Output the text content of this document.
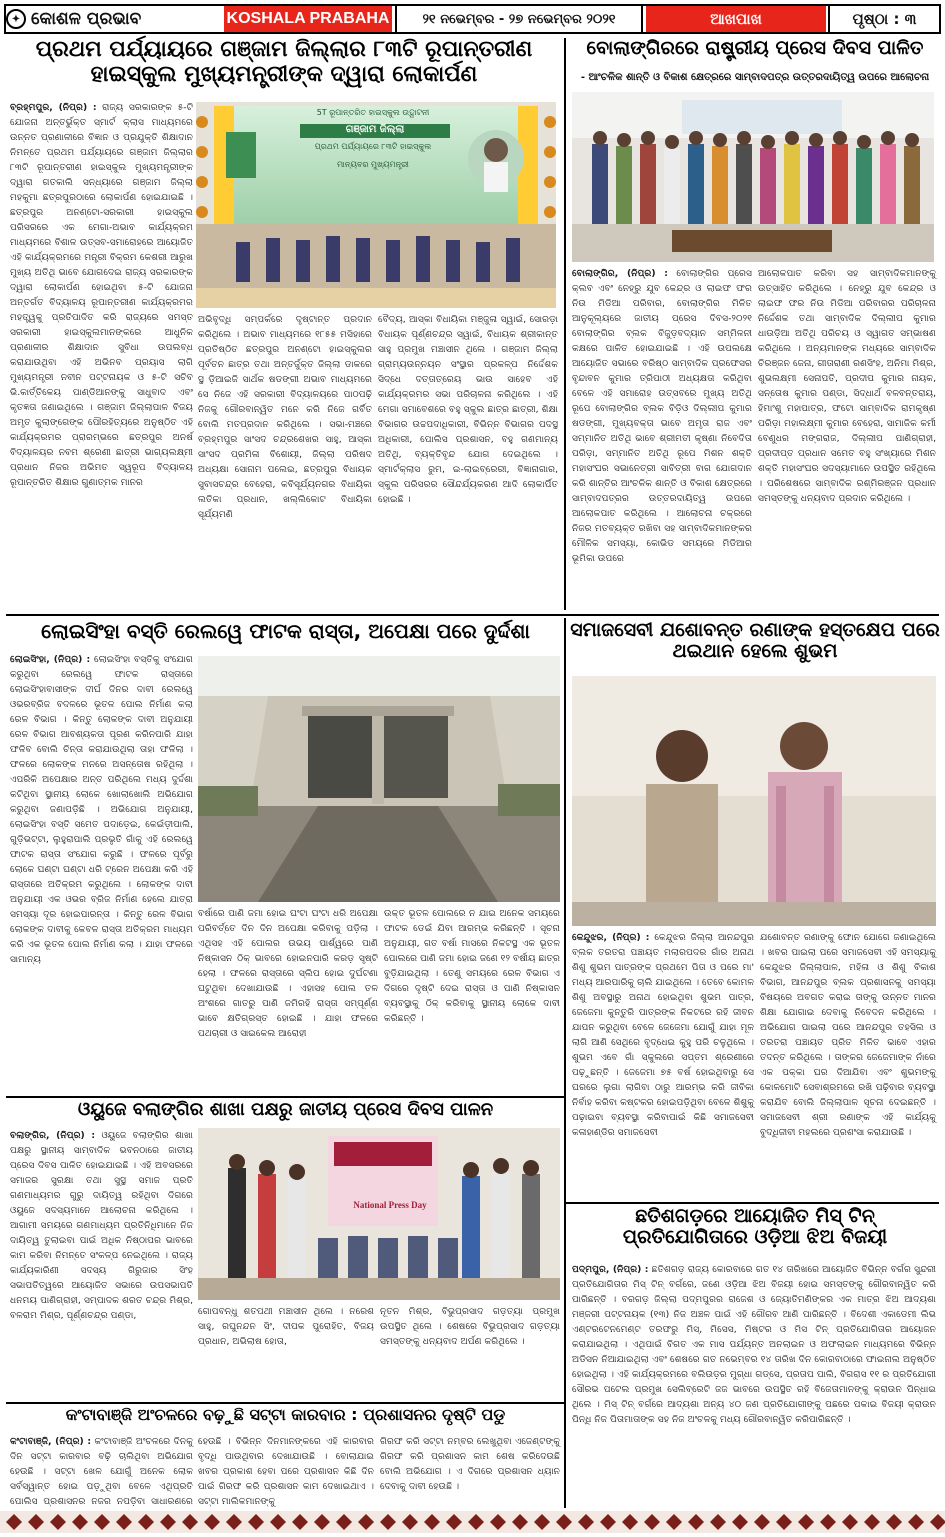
✦ କୋଶଳ ପ୍ରଭାବ	KOSHALA PRABAHA	୨୧ ନଭେମ୍ବର - ୨୭ ନଭେମ୍ବର ୨୦୨୧	ଆଖପାଖ	ପୃଷ୍ଠା : ୩
ପ୍ରଥମ ପର୍ଯ୍ୟାୟରେ ଗଞ୍ଜାମ ଜିଲ୍ଲାର ୮୩ଟି ରୂପାନ୍ତରୀଣ ହାଇସ୍କୁଲ ମୁଖ୍ୟମନ୍ତ୍ରୀଙ୍କ ଦ୍ୱାରା ଲୋକାର୍ପଣ
5T ରୂପାନ୍ତରିତ ହାଇସ୍କୁଲ ଉଦ୍ଘାଟନୀ
ଗଞ୍ଜାମ ଜିଲ୍ଲା
ପ୍ରଥମ ପର୍ଯ୍ୟାୟରେ ୮୩ଟି ହାଇସ୍କୁଲ
ମାନ୍ୟବର ମୁଖ୍ୟମନ୍ତ୍ରୀ
ବ୍ରହ୍ମପୁର, (ନିପ୍ର) : ରାଜ୍ୟ ସରକାରଙ୍କ ୫-ଟି ଯୋଜନା ଅନ୍ତର୍ଭୁକ୍ତ ସ୍ମାର୍ଟ କ୍ଲାସ ମାଧ୍ୟମରେ ଉନ୍ନତ ପ୍ରଣାଳୀରେ ବିଜ୍ଞାନ ଓ ପ୍ରଯୁକ୍ତି ଶିକ୍ଷାଦାନ ନିମନ୍ତେ ପ୍ରଥମ ପର୍ଯ୍ୟାୟରେ ଗଞ୍ଜାମ ଜିଲ୍ଲାର ୮୩ଟି ରୂପାନ୍ତରୀଣ ହାଇସ୍କୁଲ ମୁଖ୍ୟମନ୍ତ୍ରୀଙ୍କ ଦ୍ୱାରା ଗତକାଲି ସନ୍ଧ୍ୟାରେ ଗଞ୍ଜାମ ଜିଲ୍ଲା ମହକୁମା ଛତ୍ରପୁରଠାରେ ଲୋକାର୍ପଣ ହୋଇଯାଇଛି । ଛତ୍ରପୁର ଅନଣ୍ଟୋ-ସରକାରୀ ହାଇସ୍କୁଲ ପରିସରରେ ଏକ ମେଗା-ଅଭାବ କାର୍ଯ୍ୟକ୍ରମ ମାଧ୍ୟମରେ ବିଶାଳ ଉତ୍ସବ-ସମାରୋହରେ ଆୟୋଜିତ ଏହି କାର୍ଯ୍ୟକ୍ରମରେ ମନ୍ତ୍ରୀ ବିକ୍ରମ କେଶରୀ ଆରୁଖ ମୁଖ୍ୟ ଅତିଥି ଭାବେ ଯୋଗଦେଇ ରାଜ୍ୟ ସରକାରଙ୍କ ଦ୍ୱାରା ଲୋକାର୍ପଣ ହୋଇଥିବା ୫-ଟି ଯୋଜନା ଅନ୍ତର୍ଗତ ବିଦ୍ୟାଳୟ ରୂପାନ୍ତରୀଣ କାର୍ଯ୍ୟକ୍ରମର ମହତ୍ତ୍ୱକୁ ପ୍ରତିପାଦିତ କରି ରାଜ୍ୟରେ ସମସ୍ତ ସରକାରୀ ହାଇସ୍କୁଲମାନଙ୍କରେ ଆଧୁନିକ ପ୍ରଣାଳୀର ଶିକ୍ଷାଦାନ ସୁବିଧା ଉପଲବ୍ଧ କରାଯାଉଥିବା ଏହି ଅଭିନବ ପ୍ରୟାସ ଲାଗି ମୁଖ୍ୟମନ୍ତ୍ରୀ ନବୀନ ପଟ୍ଟନାୟକ ଓ ୫-ଟି ସଚିବ ଭି.କାର୍ତ୍ତିକେୟ ପାଣ୍ଡିଆନଙ୍କୁ ସାଧୁବାଦ ଏବଂ କୃତଜ୍ଞତା ଜଣାଇଥିଲେ । ଗଞ୍ଜାମ ଜିଲ୍ଲାପାଳ ବିଜୟ ଅମୃତ କୁଲାଙ୍ଗେଙ୍କ ପୌରହିତ୍ୟରେ ଅନୁଷ୍ଠିତ ଏହି କାର୍ଯ୍ୟକ୍ରମର ପ୍ରାରମ୍ଭରେ ଛତ୍ରପୁର ଅନର୍ଷ ବିଦ୍ୟାଳୟର ନବମ ଶ୍ରେଣୀ ଛାତ୍ରୀ ଭାଗ୍ୟଲକ୍ଷ୍ମୀ ପ୍ରଧାନ ନିଜର ଅଭିମତ ସ୍ୱରୂପ ବିଦ୍ୟାଳୟ ରୂପାନ୍ତରିତ ଶିକ୍ଷାର ଗୁଣାତ୍ମକ ମାନର
ଅଭିବୃଦ୍ଧି ସମ୍ପର୍କରେ ଦୃଷ୍ଟାନ୍ତ ପ୍ରଦାନ କରିଥିଲେ । ଅଭାବ ମାଧ୍ୟମରେ ୧୮୫୫ ମସିହାରେ ପ୍ରତିଷ୍ଠିତ ଛତ୍ରପୁର ଅନଣ୍ଟୋ ହାଇସ୍କୁଲର ପୂର୍ବତନ ଛାତ୍ର ତଥା ଅନ୍ତର୍ଜୁକ୍ତ ଜିଲ୍ଲା ଡାକରେ ସ୍ଥ ଡ଼ିଆଇଜି ସାର୍ଥକ ଷଡଙ୍ଗୀ ଅଭାବ ମାଧ୍ୟମରେ ସେ ନିଜେ ଏହି ସରକାରୀ ବିଦ୍ୟାଳୟରେ ପାଠପଢ଼ି ନିଜକୁ ଗୌରବାନ୍ୱିତ ମନେ କରି ନିଜେ ଗର୍ବିତ ବୋଲି ମତପ୍ରଦାନ କରିଥିଲେ । ସଭା-ମଞ୍ଚରେ ବ୍ରହ୍ମପୁର ସାଂସଦ ଚନ୍ଦ୍ରଶେଖର ସାହୁ, ଆସ୍କା ସାଂସଦ ପ୍ରମିଳା ବିଶୋୟୀ, ଜିଲ୍ଲା ପରିଷଦ ଅଧ୍ୟକ୍ଷା ସୋନାମ ପଲେଇ, ଛତ୍ରପୁର ବିଧାୟକ ସୁବାସଚନ୍ଦ୍ର ବେହେରା, କବିସୂର୍ଯ୍ୟନଗର ବିଧାୟିକା ଲତିକା ପ୍ରଧାନ, ଖଲ୍ଲିକୋଟ ବିଧାୟିକା ସୂର୍ଯ୍ୟମଣି
ବୈଦ୍ୟ, ଆସ୍କା ବିଧାୟିକା ମଞ୍ଜୁଳା ସ୍ୱାଇଁ, ସୋରଡ଼ା ବିଧାୟକ ପୂର୍ଣ୍ଣଚନ୍ଦ୍ର ସ୍ୱାଇଁ, ବିଧାୟକ ଶ୍ରୀକାନ୍ତ ସାହୁ ପ୍ରମୁଖ ମଞ୍ଚାସୀନ ଥିଲେ । ଗଞ୍ଜାମ ଜିଲ୍ଲା ଗ୍ରାମ୍ୟଉନ୍ନୟନ ସଂସ୍ଥାର ପ୍ରକଳ୍ପ ନିର୍ଦ୍ଦେଶକ ସିଦ୍ଧେ ଦତ୍ତାତ୍ରେୟ ଭାଉ ସାହେବ ଏହି କାର୍ଯ୍ୟକ୍ରମର ସଭା ପରିଚାଳନା କରିଥିଲେ । ଏହି ମେଗା ସମାବେଶରେ ବହୁ ସ୍କୁଲ ଛାତ୍ର ଛାତ୍ରୀ, ଶିକ୍ଷା ବିଭାଗର ଉଚ୍ଚପଦାଧିକାରୀ, ବିଭିନ୍ନ ବିଭାଗର ପଦସ୍ଥ ଅଧିକାରୀ, ପୋଲିସ ପ୍ରଶାସନ, ବହୁ ଗଣମାନ୍ୟ ଅତିଥି, ବ୍ୟକ୍ତିବୃନ୍ଦ ଯୋଗ ଦେଇଥିଲେ । ସ୍ମାର୍ଟକ୍ଲାସ ରୁମ, ଇ-ଲାଇବ୍ରେରୀ, ବିଜ୍ଞାନାଗାର, ସ୍କୁଲ ପରିସରର ସୌନ୍ଦର୍ଯ୍ୟକରଣ ଆଦି ଲୋକାର୍ପିତ ହୋଇଛି ।
ବୋଲାଙ୍ଗିରରେ ରାଷ୍ଟ୍ରୀୟ ପ୍ରେସ ଦିବସ ପାଳିତ
- ଆଂଚଳିକ ଶାନ୍ତି ଓ ବିକାଶ କ୍ଷେତ୍ରରେ ସାମ୍ବାଦପତ୍ର ଉତ୍ତରଦାୟିତ୍ୱ ଉପରେ ଆଲୋଚନା
ବୋଲାଙ୍ଗିର, (ନିପ୍ର) : ବୋଲାଙ୍ଗିର ପ୍ରେସ କ୍ଲବ ଏବଂ ନେହ୍ରୁ ଯୁବ କେନ୍ଦ୍ର ଓ ଲାଇଫ ଫର ନିଉ ମିଡିଆ ପରିବାର, ବୋଲାଙ୍ଗିର ମିଳିତ ଆନୁକୂଲ୍ୟରେ ଜାତୀୟ ପ୍ରେସ ଦିବସ-୨୦୨୧ ବୋଲାଙ୍ଗିର ବ୍ଲକ ବିଜୁଡ଼ବଦ୍ୟାନ ସମ୍ମିଳନୀ କକ୍ଷରେ ପାଳିତ ହୋଇଯାଇଛି । ଏହି ଉପଲକ୍ଷେ ଆୟୋଜିତ ସଭାରେ ବରିଷ୍ଠ ସାମ୍ବାଦିକ ପ୍ରଫେସର ବୃନ୍ଦାବନ କୁମାର ତ୍ରିପାଠୀ ଅଧ୍ୟକ୍ଷତା କରିଥିବା ବେଳେ ଏହି ସମାରୋହ ଉତ୍ସବରେ ମୁଖ୍ୟ ଅତିଥି ରୂପେ ବୋଲାଙ୍ଗିର ବ୍ଲକ ବିଡ଼ିଓ ଦିଲ୍ଲୀପ କୁମାର ଷଡଙ୍ଗୀ, ମୁଖ୍ୟବକ୍ତା ଭାବେ ଅମୃତା ରାଜ ଏବଂ ସମ୍ମାନିତ ଅତିଥି ଭାବେ ଶ୍ରୀମତୀ କୃଷ୍ଣା ନିବେଦିତା ପରିଡ଼ା, ସମ୍ମାନିତ ଅତିଥି ରୂପେ ମିଶନ ଶକ୍ତି ମହାସଂଘର ସଭାନେତ୍ରୀ ସାବିତ୍ରୀ ବାଗ ଯୋଗଦାନ କରି ଶାନ୍ତିର ଆଂଚଳିକ ଶାନ୍ତି ଓ ବିକାଶ କ୍ଷେତ୍ରରେ ସାମ୍ବାଦପତ୍ରର ଉତ୍ତରଦାୟିତ୍ୱ ଉପରେ ଆଲୋକପାତ କରିଥିଲେ । ଆଲୋଚନା ଚକ୍ରରେ ନିଜର ମତବ୍ୟକ୍ତ ରଖିବା ସହ ସାମ୍ବାଦିକମାନଙ୍କର ମୌଳିକ ସମସ୍ୟା, କୋଭିଡ ସମୟରେ ମିଡିଆର ଭୂମିକା ଉପରେ
ଆଲୋକପାତ କରିବା ସହ ସାମ୍ବାଦିକମାନଙ୍କୁ ଉତ୍ସାହିତ କରିଥିଲେ । ନେହ୍ରୁ ଯୁବ କେନ୍ଦ୍ର ଓ ଲାଇଫ ଫର ନିଉ ମିଡିଆ ପରିବାରର ପରିଚାଳନା ନିର୍ଦ୍ଦେଶକ ତଥା ସାମ୍ବାଦିକ ଦିଲ୍ଲୀପ କୁମାର ଧାଉଡ଼ିଆ ଅତିଥି ପରିଚୟ ଓ ସ୍ୱାଗତ ସମ୍ଭାଷଣ କରିଥିଲେ । ଅନ୍ୟମାନଙ୍କ ମଧ୍ୟରେ ସାମ୍ବାଦିକ ଚିରଞ୍ଜନ ଜେନା, ଗୀତାରାଣୀ ରଣସିଂହ, ଅନିମା ମିଶ୍ର, ଶୁଭଲକ୍ଷ୍ମୀ ସେନାପତି, ପ୍ରଦୀପ କୁମାର ନାୟକ, ସନ୍ତୋଷ କୁମାର ପଣ୍ଡା, ସିଦ୍ଧାର୍ଥ ବଳବନ୍ତରାୟ, ହିମାଂଶୁ ମହାପାତ୍ର, ଫଟୋ ସାମ୍ବାଦିକ ରାମକୃଷ୍ଣ ପରିଡ଼ା ମହାଲକ୍ଷ୍ମୀ କୁମାର ବେହେରା, ସାମାଜିକ କର୍ମୀ ବେଣୁଧର ମଙ୍ଗରାଜ, ଦିଲ୍ଲୀପ ପାଣିଗ୍ରାହୀ, ପ୍ରଦୀପ୍ତ ପ୍ରଧାନ ସମେତ ବହୁ ସଂଖ୍ୟାରେ ମିଶନ ଶକ୍ତି ମହାସଂଘର ସଦସ୍ୟାମାନେ ଉପସ୍ଥିତ ରହିଥିଲେ । ପରିଶେଷରେ ସାମ୍ବାଦିକ ରଶ୍ମିରଞ୍ଜନ ପ୍ରଧାନ ସମସ୍ତଙ୍କୁ ଧନ୍ୟବାଦ ପ୍ରଦାନ କରିଥିଲେ ।
ଲୋଇସିଂହା ବସ୍ତି ରେଲୱେ ଫାଟକ ରାସ୍ତା, ଅପେକ୍ଷା ପରେ ଦୁର୍ଦ୍ଦଶା
ଲୋଇସିଂହା, (ନିପ୍ର) : ଲୋଇସିଂହା ବସ୍ତିକୁ ସଂଯୋଗ କରୁଥିବା ରେଲୱେ ଫାଟକ ରାସ୍ତାରେ ଲୋଇସିଂହାବାସୀଙ୍କ ଦୀର୍ଘ ଦିନର ଦାବୀ ରେଲୱେ ଓଭରବ୍ରିଜ ବଦଳରେ ଭୂତଳ ପୋଲ ନିର୍ମାଣ କଲା ରେଳ ବିଭାଗ । କିନ୍ତୁ ଲୋକଙ୍କ ଦାବୀ ଅନୁଯାୟୀ ରେଳ ବିଭାଗ ଆବଶ୍ୟକତା ପୂରଣ କରିନପାରି ଯାହା ଫଳିବ ବୋଲି ଚିନ୍ତା କରାଯାଉଥିଲା ତାହା ଫଳିଲା । ଫଳରେ ଲୋକଙ୍କ ମନରେ ଅସନ୍ତୋଷ ରହିଥିଲା । ଏପରିକି ଅପେକ୍ଷାର ଅନ୍ତ ପରିଥିଲେ ମଧ୍ୟ ଦୁର୍ଦ୍ଦଶା କଟିଥିବା ସ୍ଥାନୀୟ ଲୋକେ ଖୋଲାଖୋଲି ଅଭିଯୋଗ କରୁଥିବା ଜଣାପଡ଼ିଛି । ଅଭିଯୋଗ ଅନୁଯାୟୀ, ଲୋଇସିଂହା ବସ୍ତି ସମେତ ପଦାଡ଼େଇ, କେଇଁଡ଼ୀପାଲି, ଗୁଡ଼ିଭଟ୍ଟା, ଲୁହୁରାପାଲି ପ୍ରଭୃତି ଗାଁକୁ ଏହି ରେଲୱେ ଫାଟକ ରାସ୍ତା ସଂଯୋଗ କରୁଛି । ଫଳରେ ପୂର୍ବରୁ ଲୋକେ ଘଣ୍ଟା ଘଣ୍ଟା ଧରି ଟ୍ରେନ ଅପେକ୍ଷା କରି ଏହି ରାସ୍ତାରେ ଅତିକ୍ରମ କରୁଥିଲେ । ଲୋକଙ୍କ ଦାବୀ ଅନୁଯାୟୀ ଏକ ଓଭର ବ୍ରିଜ ନିର୍ମାଣ ହେଲେ ଯାତ୍ରା ସମସ୍ୟା ଦୂର ହୋଇପାରନ୍ତା । କିନ୍ତୁ ରେଳ ବିଭାଗ ଲୋକଙ୍କ ଦାବୀକୁ କେବଳ ରାସ୍ତା ଅତିକ୍ରମ ମାଧ୍ୟମ କରି ଏକ ଭୂତଳ ପୋଲ ନିର୍ମାଣ କଲା । ଯାହା ଫଳରେ ସାମାନ୍ୟ
ବର୍ଷାରେ ପାଣି ଜମା ହୋଇ ଘଂଟା ଘଂଟା ଧରି ଅପେକ୍ଷା ପରିବର୍ତ୍ତେ ଦିନ ଦିନ ଅପେକ୍ଷା କରିବାକୁ ପଡ଼ିଲା । ଏଥିସହ ଏହି ପୋଲର ଉଭୟ ପାର୍ଶ୍ୱରେ ପାଣି ନିଷ୍କାସନ ଠିକ୍ ଭାବରେ ହୋଇନପାରି କରଡ଼ ସୃଷ୍ଟି ହେଲା । ଫଳରେ ରାସ୍ତାରେ ସ୍ଲିପ ହୋଇ ଦୁର୍ଘଟଣା ଘଟୁଥିବା ଦେଖାଯାଉଛି । ଏହାସହ ପୋଲ ତଳ ଅଂଶରେ ଗାତରୁ ପାଣି ଜମିରହି ରାସ୍ତା ସମ୍ପୂର୍ଣ୍ଣ ଭାବେ କ୍ଷତିଗ୍ରସ୍ତ ହୋଇଛି । ଯାହା ଫଳରେ ପଥଚାରୀ ଓ ସାଇକେଲ ଆରୋହୀ
ଉକ୍ତ ଭୂତଳ ପୋଲରେ ନ ଯାଇ ଅନେକ ସମୟରେ ଫାଟକ ଡେଇଁ ଯିବା ଆରମ୍ଭ କରିଛନ୍ତି । ସୂଚନା ଅନୁଯାୟୀ, ଗତ ବର୍ଷା ମାସରେ ନିକଟସ୍ଥ ଏକ ଭୂତଳ ପୋଲରେ ପାଣି ଜମା ହୋଇ ଜଣେ ୧୨ ବର୍ଷୀୟ ଛାତ୍ର ବୁଡ଼ିଯାଇଥିଲା । ତେଣୁ ସମୟରେ ରେଳ ବିଭାଗ ଏ ଦିଗରେ ଦୃଷ୍ଟି ଦେଇ ରାସ୍ତା ଓ ପାଣି ନିଷ୍କାସନ ବ୍ୟବସ୍ଥାକୁ ଠିକ୍ କରିବାକୁ ସ୍ଥାନୀୟ ଲୋକେ ଦାବୀ କରିଛନ୍ତି ।
ସମାଜସେବୀ ଯଶୋବନ୍ତ ରଣାଙ୍କ ହସ୍ତକ୍ଷେପ ପରେ ଥଇଥାନ ହେଲେ ଶୁଭମ
କେନ୍ଦୁଝର, (ନିପ୍ର) : କେନ୍ଦୁଝର ଜିଲ୍ଲା ଆନନ୍ଦପୁର ବ୍ଲକ ତରତରା ପଞ୍ଚାୟତ ମଲାରପଦର ଗାଁର ଅନାଥ ଶିଶୁ ଶୁଭମ ପାତ୍ରଙ୍କ ପ୍ରଥମେ ପିତା ଓ ପରେ ମା' ମଧ୍ୟ ଆରପାରିକୁ ଚାଲି ଯାଇଥିଲେ । ତେବେ କୋମଳ ଶିଶୁ ଅବସ୍ଥାରୁ ଅନାଥ ହୋଇଥିବା ଶୁଭମ ପାତ୍ର, ଜେଜେମା କୁନ୍ତୁରି ପାତ୍ରଙ୍କ ନିକଟରେ ରହି ଜୀବନ ଯାପନ କରୁଥିବା ବେଳେ ଜେଜେମା ଯୋଗୁଁ ଯାହା ମୂଳ ଲାଗି ଆଣି ସେଥିରେ ବୃଦ୍ଧେଇ କୁହୁ ପରି ଚଳୁଥିଲେ । ଶୁଭମ ଏବେ ଗାଁ ସ୍କୁଲରେ ସପ୍ତମ ଶ୍ରେଣୀରେ ପଢ଼ୁଛନ୍ତି । ଜେଜେମା ୭୫ ବର୍ଷ ହୋଇଥିବାରୁ ସେ ଘରରେ ଲୁଗା ଲାଗିବା ଠାରୁ ଆରମ୍ଭ କରି ଜୀବିକା ନିର୍ବାହ କରିବା କଷ୍ଟକର ହୋଇପଡ଼ିଥିବା ବେଳେ ଶିଶୁକୁ ପଢ଼ାଇବା ବ୍ୟବସ୍ଥା କରିବାପାଇଁ କିଛି ସମାଜସେବୀ କଳାହାଣ୍ଡିର ସମାଜସେବୀ
ଯଶୋବନ୍ତ ରଣାଙ୍କୁ ଫୋନ ଯୋଗେ ଜଣାଇଥିଲେ । ଖବର ପାଇଲା ପରେ ସମାଜସେବୀ ଏହି ସମସ୍ୟାକୁ କେନ୍ଦୁଝର ଜିଲ୍ଲାପାଳ, ମହିଳା ଓ ଶିଶୁ ବିକାଶ ବିଭାଗ, ଆନନ୍ଦପୁର ବ୍ଲକ ପ୍ରଶାସନକୁ ସମସ୍ୟା ବିଷୟରେ ଅବଗତ କରାଇ ତାଙ୍କୁ ଉନ୍ନତ ମାନର ଶିକ୍ଷା ଯୋଗାଇ ଦେବାକୁ ନିବେଦନ କରିଥିଲେ । ଅଭିଯୋଗ ପାଇଲା ପରେ ଆନନ୍ଦପୁର ତହସିଲ ଓ ତରତରା ପଞ୍ଚାୟତ ପ୍ରିତ ମିଳିତ ଭାବେ ଏହାର ତଦନ୍ତ କରିଥିଲେ । ତାଙ୍କର ଜେଜେମାଙ୍କ ନାଁରେ ଏକ ପକ୍କା ଘର ଦିଆଯିବା ଏବଂ ଶୁଭମଙ୍କୁ କୋଳମୋଟି ସେବାଶ୍ରମରେ ରଖି ପଢ଼ିବାର ବ୍ୟବସ୍ଥା କରାଯିବ ବୋଲି ଜିଲ୍ଲାପାଳ ସୂଚନା ଦେଇଛନ୍ତି । ସମାଜସେବୀ ଶ୍ରୀ ରଣାଙ୍କ ଏହି କାର୍ଯ୍ୟକୁ ବୁଦ୍ଧିଜୀବୀ ମହଲରେ ପ୍ରଶଂସା କରାଯାଉଛି ।
ଓୟୁଜେ ବଲାଙ୍ଗିର ଶାଖା ପକ୍ଷରୁ ଜାତୀୟ ପ୍ରେସ ଦିବସ ପାଳନ
National Press Day
ବଲାଙ୍ଗିର, (ନିପ୍ର) : ଓୟୁଜେ ବଲାଙ୍ଗିର ଶାଖା ପକ୍ଷରୁ ସ୍ଥାନୀୟ ସାମ୍ବାଦିକ ଭବନଠାରେ ଜାତୀୟ ପ୍ରେସ ଦିବସ ପାଳିତ ହୋଇଯାଇଛି । ଏହି ଅବସରରେ ସମାଜର ସୁରକ୍ଷା ତଥା ସୁସ୍ଥ ସମାଜ ପ୍ରତି ଗଣମାଧ୍ୟମର ଗୁରୁ ଦାୟିତ୍ୱ ରହିଥିବା ଦିଗରେ ଓୟୁଜେ ସଦସ୍ୟମାନେ ଆଲୋଚନା କରିଥିଲେ । ଆଗାମୀ ସମୟରେ ଗଣମାଧ୍ୟମ ପ୍ରତିନିଧିମାନେ ନିଜ ଦାୟିତ୍ୱ ତୁଲାଇବା ପାଇଁ ଅଧିକ ନିଷ୍ଠାପର ଭାବରେ କାମ କରିବା ନିମନ୍ତେ ସଂକଳ୍ପ ନେଇଥିଲେ । ରାଜ୍ୟ କାର୍ଯ୍ୟକାରିଣୀ ସଦସ୍ୟ ଗିରୁଜାର ସିଂହ ସଭାପତିତ୍ୱରେ ଆୟୋଜିତ ସଭାରେ ଉପସଭାପତି ଧନମୟ ପାଣିଗ୍ରାହୀ, ସମ୍ପାଦକ ଶରତ ଚନ୍ଦ୍ର ମିଶ୍ର, ବଳରାମ ମିଶ୍ର, ପୂର୍ଣ୍ଣଚନ୍ଦ୍ର ପଣ୍ଡା,	ଗୋପବନ୍ଧୁ ଶତପଥୀ ମଞ୍ଚାସୀନ ଥିଲେ । ନରେଶ ସାହୁ, ରଘୁନନ୍ଦନ ସିଂ, ଦୀପକ ପୁରୋହିତ, ବିଜୟ ପ୍ରଧାନ, ଅଭିଲାଷ ହୋତା,
ନୂତନ ମିଶ୍ର, ବିଭୁପ୍ରସାଦ ଗଡ଼ତ୍ୟା ପ୍ରମୁଖ ଉପସ୍ଥିତ ଥିଲେ । ଶେଷରେ ବିଭୁପ୍ରସାଦ ଗଡ଼ତ୍ୟା ସମସ୍ତଙ୍କୁ ଧନ୍ୟବାଦ ଅର୍ପଣ କରିଥିଲେ ।
ଛତିଶଗଡ଼ରେ ଆୟୋଜିତ ମିସ୍ ଟିନ୍ ପ୍ରତିଯୋଗିତାରେ ଓଡ଼ିଆ ଝିଅ ବିଜୟୀ
ପଦ୍ମପୁର, (ନିପ୍ର) : ଛତିଶଗଡ଼ ରାଜ୍ୟ କୋରବାରେ ଗତ ୧୪ ତାରିଖରେ ଆୟୋଜିତ ବିଭିନ୍ନ ବର୍ଗର ସୁନ୍ଦରୀ ପ୍ରତିଯୋଗିତାର ମିସ୍ ଟିନ୍ ବର୍ଗରେ, ଜଣେ ଓଡ଼ିଆ ଝିଅ ବିଜୟୀ ହୋଇ ସମସ୍ତଙ୍କୁ ଗୌରବାନ୍ୱିତ କରି ପାରିଛନ୍ତି । ବରଗଡ଼ ଜିଲ୍ଲା ପଦ୍ମପୁରର ରାଜେଶ ଓ ଜ୍ୟୋତିମଣିଙ୍କର ଏକ ମାତ୍ର ଝିଅ ଆଦ୍ୟଶା ମଞ୍ଜରୀ ପଟ୍ଟନାୟକ (୧୩) ନିଜ ଅଞ୍ଚଳ ପାଇଁ ଏହି ଗୌରବ ଆଣି ପାରିଛନ୍ତି । ବିଦେଶୀ ଏକାଡେମୀ ଲିଭ ଏଣ୍ଟରଟେନମେଣ୍ଟ ତରଫରୁ ମିସ୍, ମିସେସ, ମିଷ୍ଟର ଓ ମିସ ଟିନ୍ ପ୍ରତିଯୋଗିତାର ଆୟୋଜନ କରାଯାଇଥିଲା । ଏଥିପାଇଁ ବିଗତ ଏକ ମାସ ପର୍ଯ୍ୟନ୍ତ ଅନଲାଇନ ଓ ଅଫଲାଇନ ମାଧ୍ୟମରେ ବିଭିନ୍ନ ଅଡିସନ ନିଆଯାଇଥିଲା ଏବଂ ଶେଷରେ ଗତ ନଭେମ୍ବର ୧୪ ତାରିଖ ଦିନ କୋରବାଠାରେ ଫାଇନାଲ ଅନୁଷ୍ଠିତ ହୋଇଥିଲା । ଏହି କାର୍ଯ୍ୟକ୍ରମରେ ବଲିଉଡ଼ର ମୁଗ୍ଧା ଗଡ୍ସେ, ପ୍ରତାପ ପାଲି, ବିଗରାସ ୧୧ ର ପ୍ରତିଯୋଗୀ ସୌରଭ ପଟେଲ ପ୍ରମୁଖ ସେଲିବ୍ରେଟି ଜଜ ଭାବରେ ଉପସ୍ଥିତ ରହି ବିଜେତାମାନଙ୍କୁ କ୍ରାଉନ ପିନ୍ଧାଇ ଥିଲେ । ମିସ୍ ଟିନ୍ ବର୍ଗରେ ଆଦ୍ୟଶା ଅନ୍ୟ ୪୦ ଜଣ ପ୍ରତିଯୋଗୀଙ୍କୁ ପଛରେ ପକାଇ ବିଜୟୀ କ୍ରାଉନ ପିନ୍ଧି ନିଜ ପିତାମାତାଙ୍କ ସହ ନିଜ ଅଂଚଳକୁ ମଧ୍ୟ ଗୌରବାନ୍ୱିତ କରିପାରିଛନ୍ତି ।
କଂଟାବାଞ୍ଜି ଅଂଚଳରେ ବଢ଼ୁଛି ସଟ୍ଟା କାରବାର : ପ୍ରଶାସନର ଦୃଷ୍ଟି ପଡୁ
କଂଟାବାଞ୍ଜି, (ନିପ୍ର) : କଂଟାବାଞ୍ଜି ଅଂଚଳରେ ଦିନକୁ ଦିନ ସଟ୍ଟା କାରବାର ବଢ଼ି ଚାଲିଥିବା ଅଭିଯୋଗ ହେଉଛି । ସଟ୍ଟା ଖେଳ ଯୋଗୁଁ ଅନେକ ଲୋକ ସର୍ବସ୍ୱାନ୍ତ ହୋଇ ପଡ଼ୁଥିବା ବେଳେ ଏଥିପ୍ରତି ପୋଲିସ ପ୍ରଶାସନର ନଜର ନପଡ଼ିବା ସାଧାରଣରେ
ହେଉଛି । ବିଭିନ୍ନ ଦିନମାନଙ୍କରେ ଏହି କାରବାର ବୃଦ୍ଧି ପାଉଥିବାର ଦେଖାଯାଉଛି । ବୋଲାଯାଇ ଖବର ପ୍ରକାଶ ହେବା ପରେ ପ୍ରଶାସନ କିଛି ଦିନ ପାଇଁ ଗିରଫ କରି ପ୍ରଶାସନ କାମ ଦେଖାଇଥାଏ । ସଟ୍ଟା ମାଲିକମାନଙ୍କୁ
ଗିରଫ କରି ସଟ୍ଟା ନମ୍ବର ଲେଖୁଥିବା ଏଜେଣ୍ଟଙ୍କୁ ଗିରଫ କରି ପ୍ରଶାସନ କାମ ଶେଷ କରିଦେଉଛି ବୋଲି ଅଭିଯୋଗ । ଏ ଦିଗରେ ପ୍ରଶାସନ ଧ୍ୟାନ ଦେବାକୁ ଦାବୀ ହେଉଛି ।
